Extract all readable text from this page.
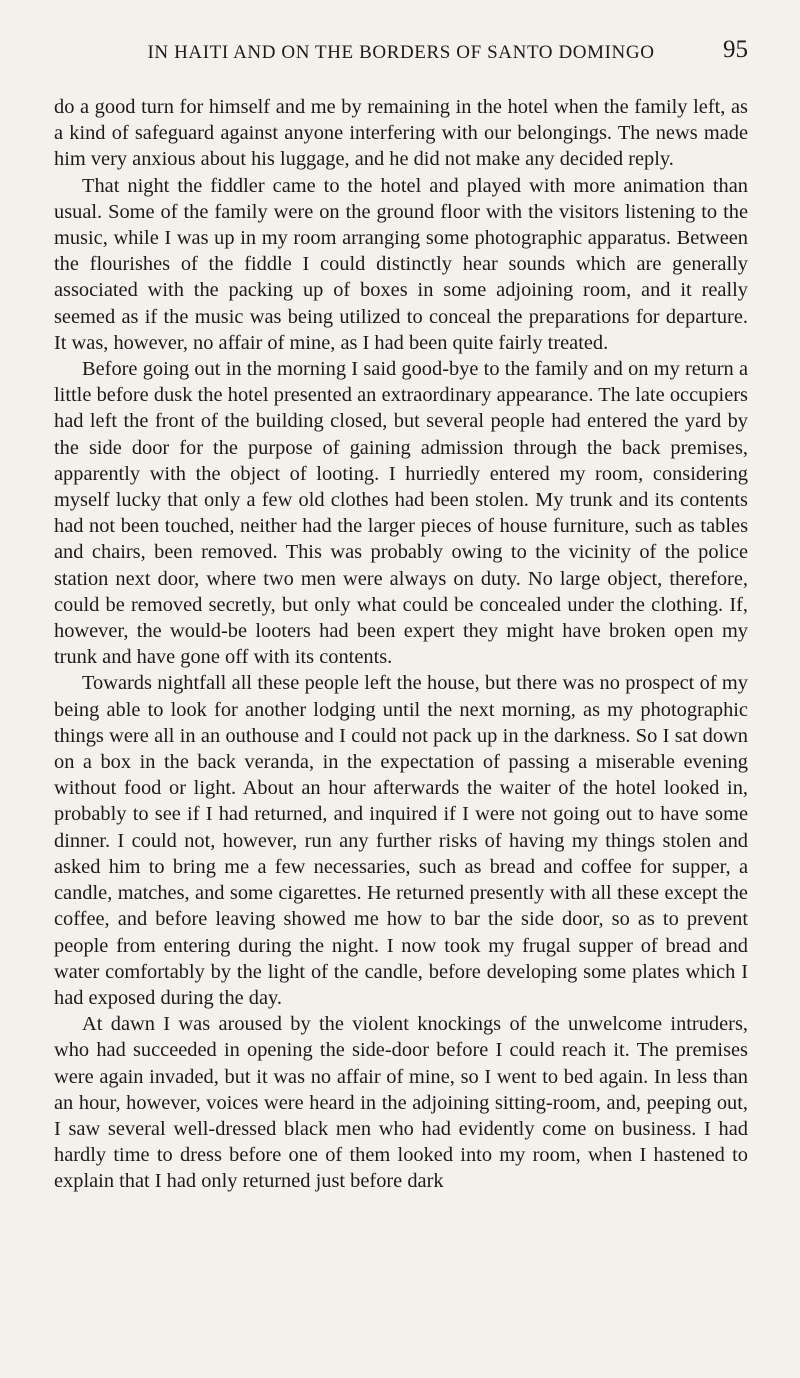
IN HAITI AND ON THE BORDERS OF SANTO DOMINGO	95

do a good turn for himself and me by remaining in the hotel when the family left, as a kind of safeguard against anyone interfering with our belongings. The news made him very anxious about his luggage, and he did not make any decided reply.

That night the fiddler came to the hotel and played with more animation than usual. Some of the family were on the ground floor with the visitors listening to the music, while I was up in my room arranging some photographic apparatus. Between the flourishes of the fiddle I could distinctly hear sounds which are generally associated with the packing up of boxes in some adjoining room, and it really seemed as if the music was being utilized to conceal the preparations for departure. It was, however, no affair of mine, as I had been quite fairly treated.

Before going out in the morning I said good-bye to the family and on my return a little before dusk the hotel presented an extraordinary appearance. The late occupiers had left the front of the building closed, but several people had entered the yard by the side door for the purpose of gaining admission through the back premises, apparently with the object of looting. I hurriedly entered my room, considering myself lucky that only a few old clothes had been stolen. My trunk and its contents had not been touched, neither had the larger pieces of house furniture, such as tables and chairs, been removed. This was probably owing to the vicinity of the police station next door, where two men were always on duty. No large object, therefore, could be removed secretly, but only what could be concealed under the clothing. If, however, the would-be looters had been expert they might have broken open my trunk and have gone off with its contents.

Towards nightfall all these people left the house, but there was no prospect of my being able to look for another lodging until the next morning, as my photographic things were all in an outhouse and I could not pack up in the darkness. So I sat down on a box in the back veranda, in the expectation of passing a miserable evening without food or light. About an hour afterwards the waiter of the hotel looked in, probably to see if I had returned, and inquired if I were not going out to have some dinner. I could not, however, run any further risks of having my things stolen and asked him to bring me a few necessaries, such as bread and coffee for supper, a candle, matches, and some cigarettes. He returned presently with all these except the coffee, and before leaving showed me how to bar the side door, so as to prevent people from entering during the night. I now took my frugal supper of bread and water comfortably by the light of the candle, before developing some plates which I had exposed during the day.

At dawn I was aroused by the violent knockings of the unwelcome intruders, who had succeeded in opening the side-door before I could reach it. The premises were again invaded, but it was no affair of mine, so I went to bed again. In less than an hour, however, voices were heard in the adjoining sitting-room, and, peeping out, I saw several well-dressed black men who had evidently come on business. I had hardly time to dress before one of them looked into my room, when I hastened to explain that I had only returned just before dark
